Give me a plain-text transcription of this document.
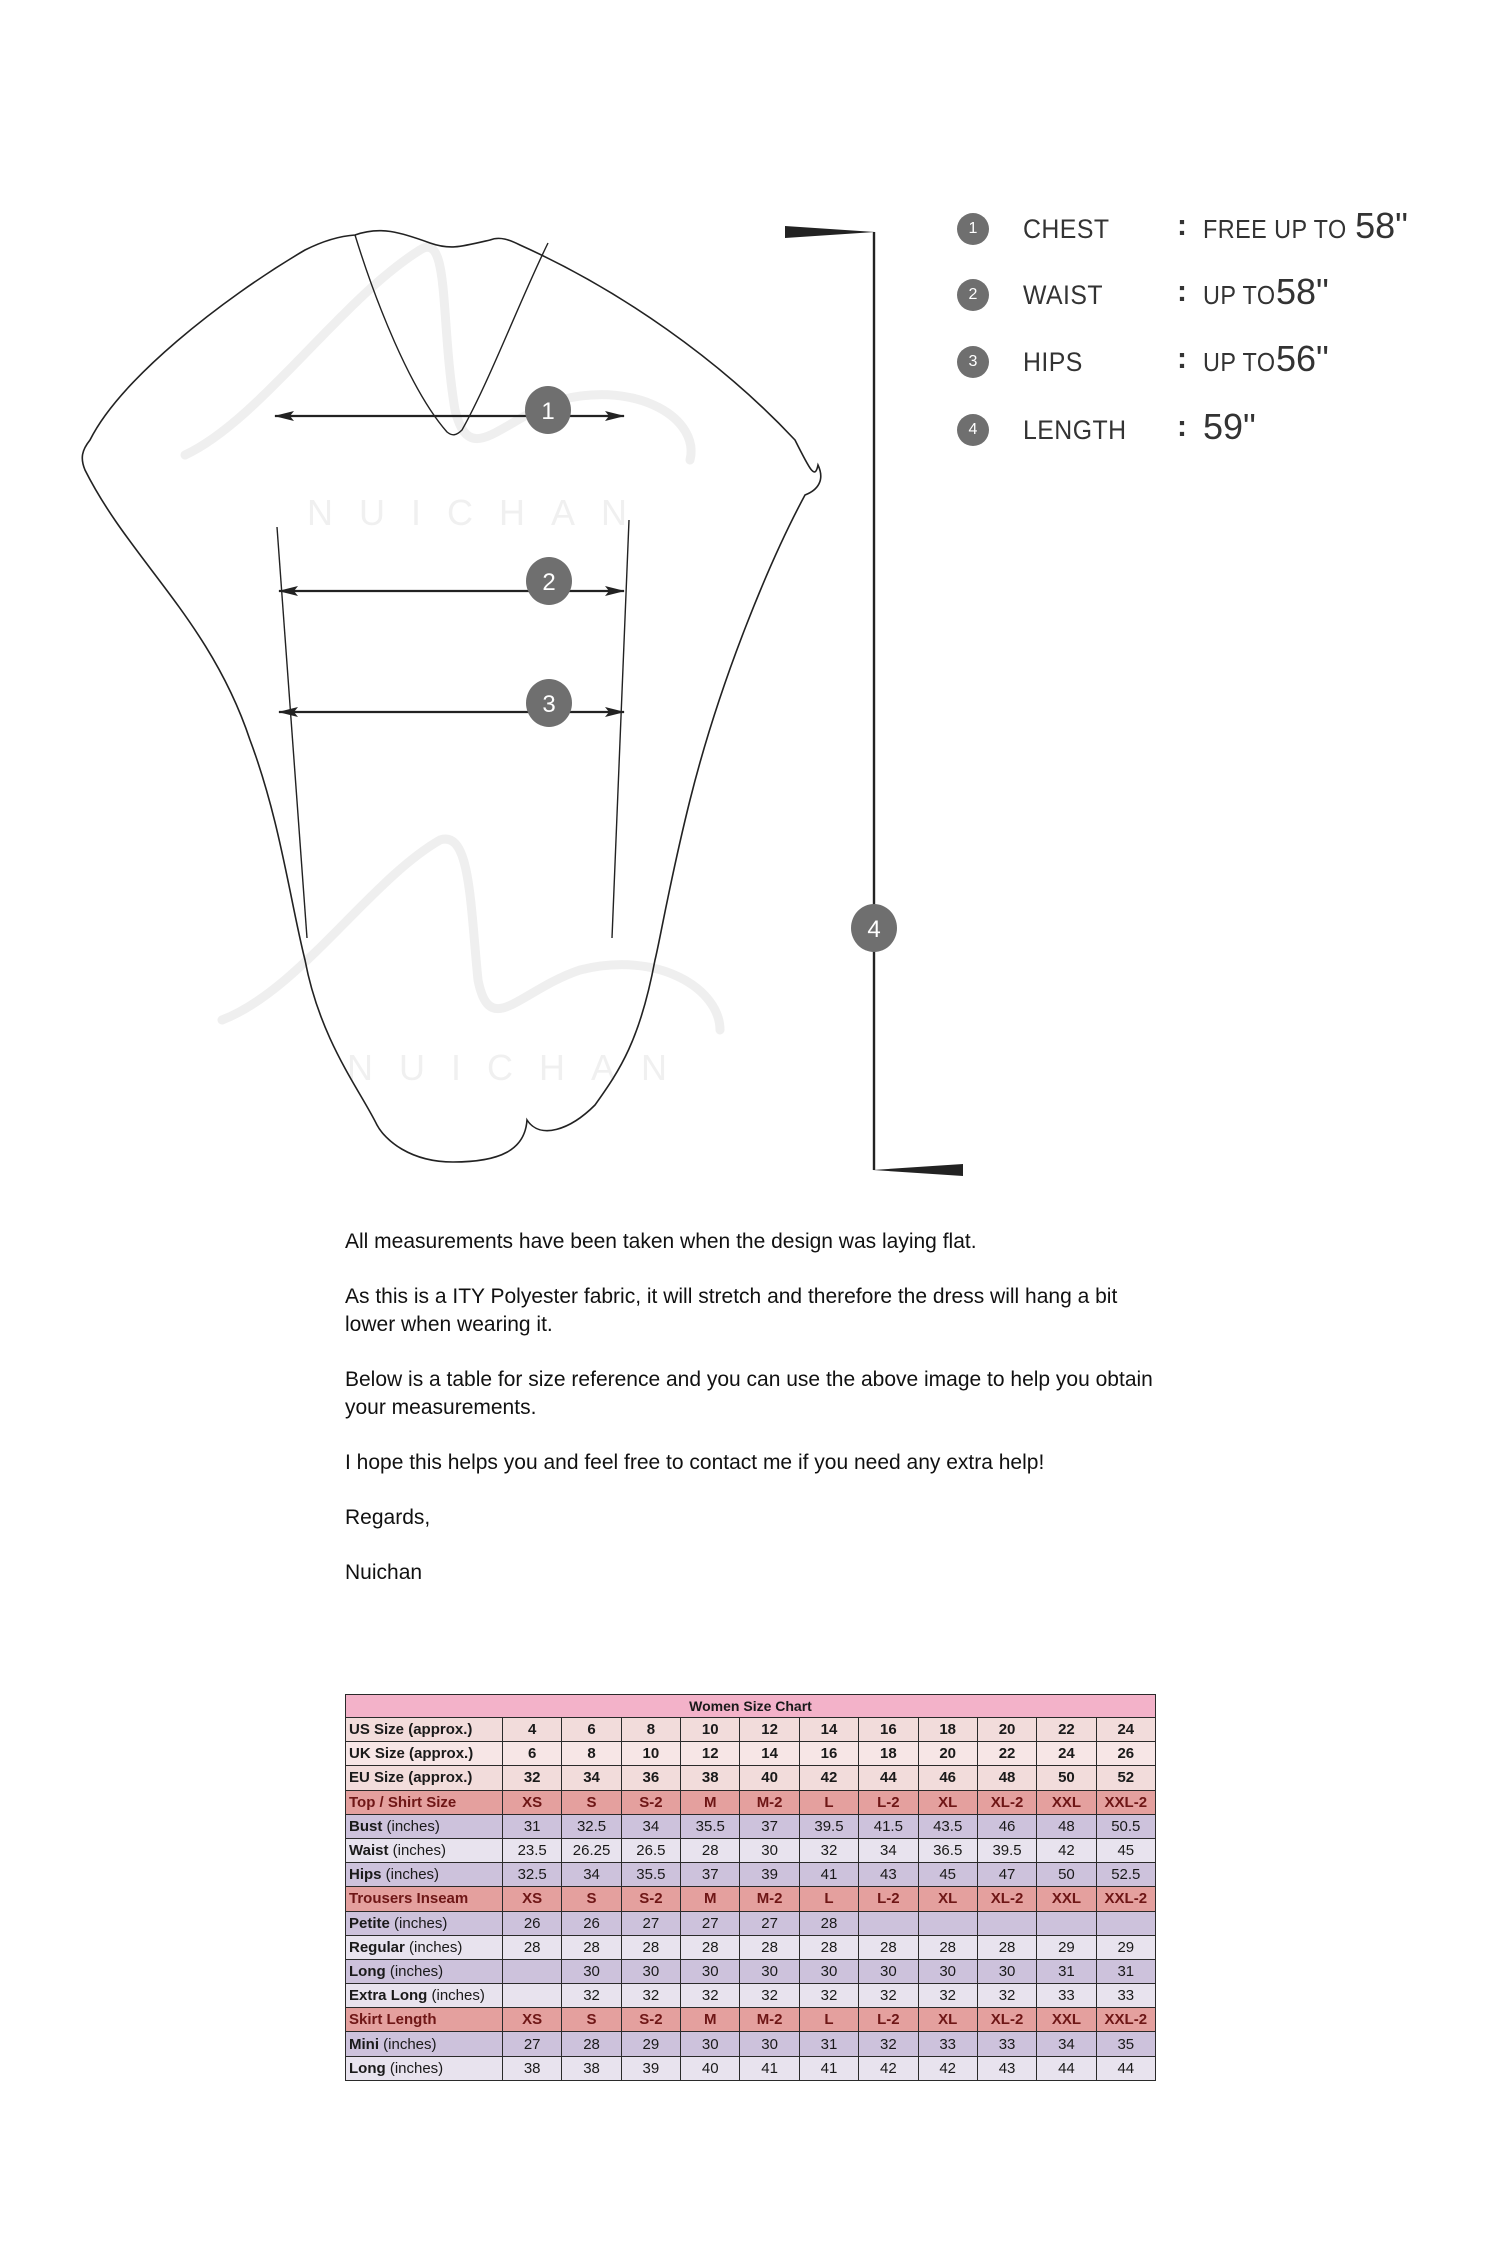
NUICHAN
NUICHAN
1
2
3
4
1	CHEST : FREE UP TO 58"
2	WAIST : UP TO 58"
3	HIPS	: UP TO 56"
4	LENGTH : 59"

All measurements have been taken when the design was laying flat.

As this is a ITY Polyester fabric, it will stretch and therefore the dress will hang a bit lower when wearing it.

Below is a table for size reference and you can use the above image to help you obtain your measurements.

I hope this helps you and feel free to contact me if you need any extra help!

Regards,

Nuichan

Women Size Chart											
US Size (approx.)	4	6	8	10	12	14	16	18	20	22	24
UK Size (approx.)	6	8	10	12	14	16	18	20	22	24	26
EU Size (approx.)	32	34	36	38	40	42	44	46	48	50	52
Top / Shirt Size	XS	S	S-2	M	M-2	L	L-2	XL	XL-2	XXL	XXL-2
Bust (inches)	31	32.5	34	35.5	37	39.5	41.5	43.5	46	48	50.5
Waist (inches)	23.5	26.25	26.5	28	30	32	34	36.5	39.5	42	45
Hips (inches)	32.5	34	35.5	37	39	41	43	45	47	50	52.5
Trousers Inseam	XS	S	S-2	M	M-2	L	L-2	XL	XL-2	XXL	XXL-2
Petite (inches)	26	26	27	27	27	28					
Regular (inches)	28	28	28	28	28	28	28	28	28	29	29
Long (inches)		30	30	30	30	30	30	30	30	31	31
Extra Long (inches)		32	32	32	32	32	32	32	32	33	33
Skirt Length	XS	S	S-2	M	M-2	L	L-2	XL	XL-2	XXL	XXL-2
Mini (inches)	27	28	29	30	30	31	32	33	33	34	35
Long (inches)	38	38	39	40	41	41	42	42	43	44	44
